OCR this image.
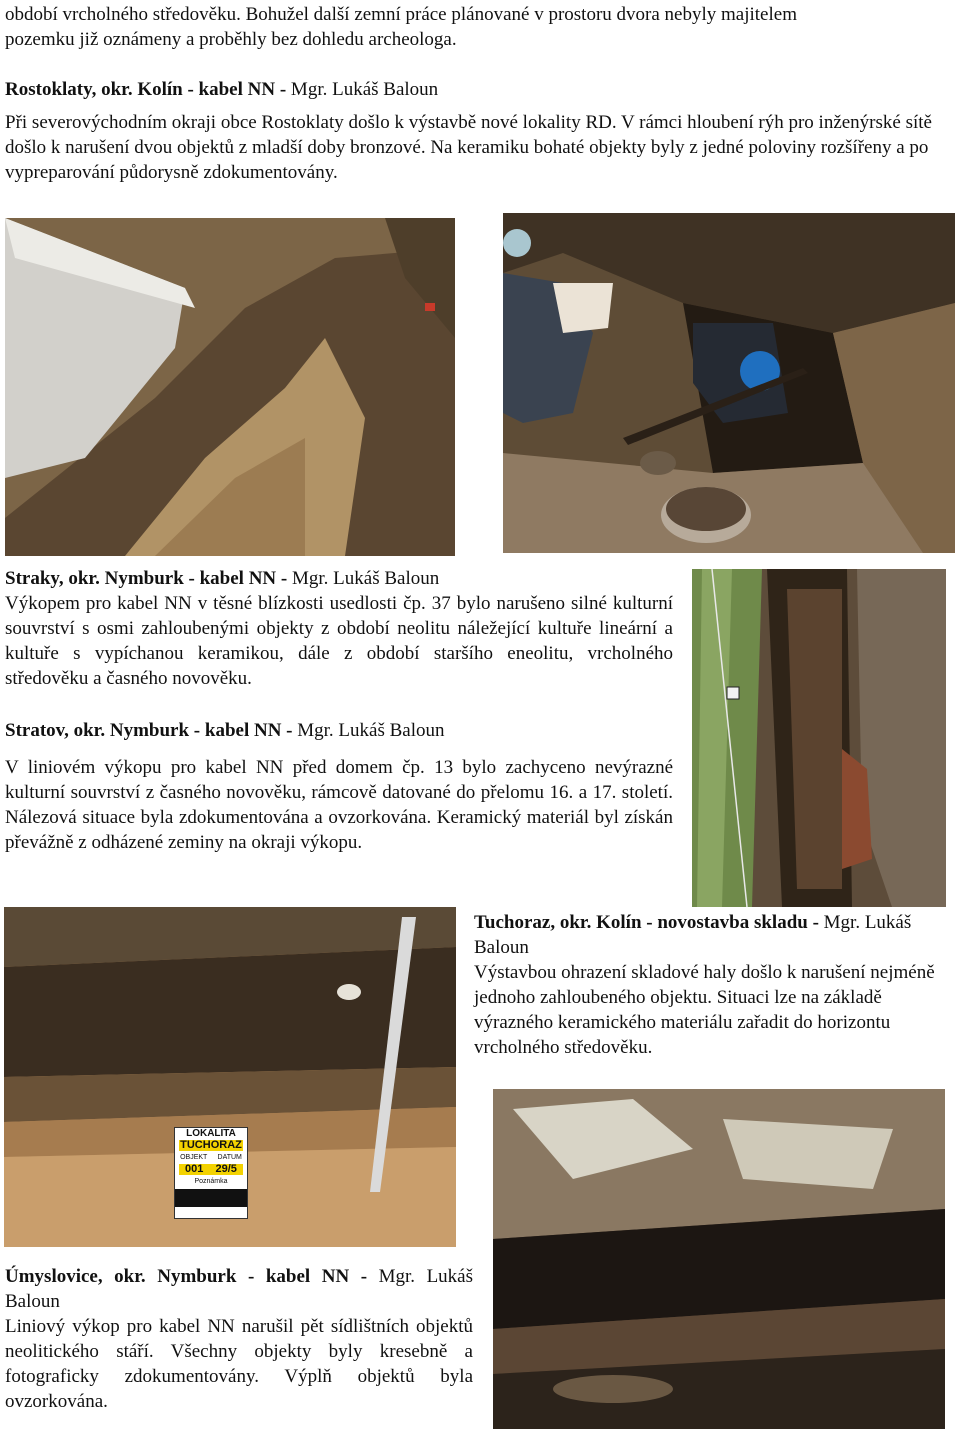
období vrcholného středověku. Bohužel další zemní práce plánované v prostoru dvora nebyly majitelem

pozemku již oznámeny a proběhly bez dohledu archeologa.

Rostoklaty, okr. Kolín - kabel NN - Mgr. Lukáš Baloun

Při severovýchodním okraji obce Rostoklaty došlo k výstavbě nové lokality RD. V rámci hloubení rýh pro inženýrské sítě došlo k narušení dvou objektů z mladší doby bronzové. Na keramiku bohaté objekty byly z jedné poloviny rozšířeny a po vypreparování půdorysně zdokumentovány.

Straky, okr. Nymburk - kabel NN - Mgr. Lukáš Baloun

Výkopem pro kabel NN v těsné blízkosti usedlosti čp. 37 bylo narušeno silné kulturní souvrství s osmi zahloubenými objekty z období neolitu náležející kultuře lineární a kultuře s vypíchanou keramikou, dále z období staršího eneolitu, vrcholného středověku a časného novověku.

Stratov, okr. Nymburk - kabel NN - Mgr. Lukáš Baloun

V liniovém výkopu pro kabel NN před domem čp. 13 bylo zachyceno nevýrazné kulturní souvrství z časného novověku, rámcově datované do přelomu 16. a 17. století. Nálezová situace byla zdokumentována a ovzorkována. Keramický materiál byl získán převážně z odházené zeminy na okraji výkopu.

LOKALITA
TUCHORAZ
OBJEKT DATUM
001 29/5
Poznámka

Tuchoraz, okr. Kolín - novostavba skladu - Mgr. Lukáš Baloun

Výstavbou ohrazení skladové haly došlo k narušení nejméně jednoho zahloubeného objektu. Situaci lze na základě výrazného keramického materiálu zařadit do horizontu vrcholného středověku.

Úmyslovice, okr. Nymburk - kabel NN - Mgr. Lukáš Baloun

Liniový výkop pro kabel NN narušil pět sídlištních objektů neolitického stáří. Všechny objekty byly kresebně a fotograficky zdokumentovány. Výplň objektů byla ovzorkována.
